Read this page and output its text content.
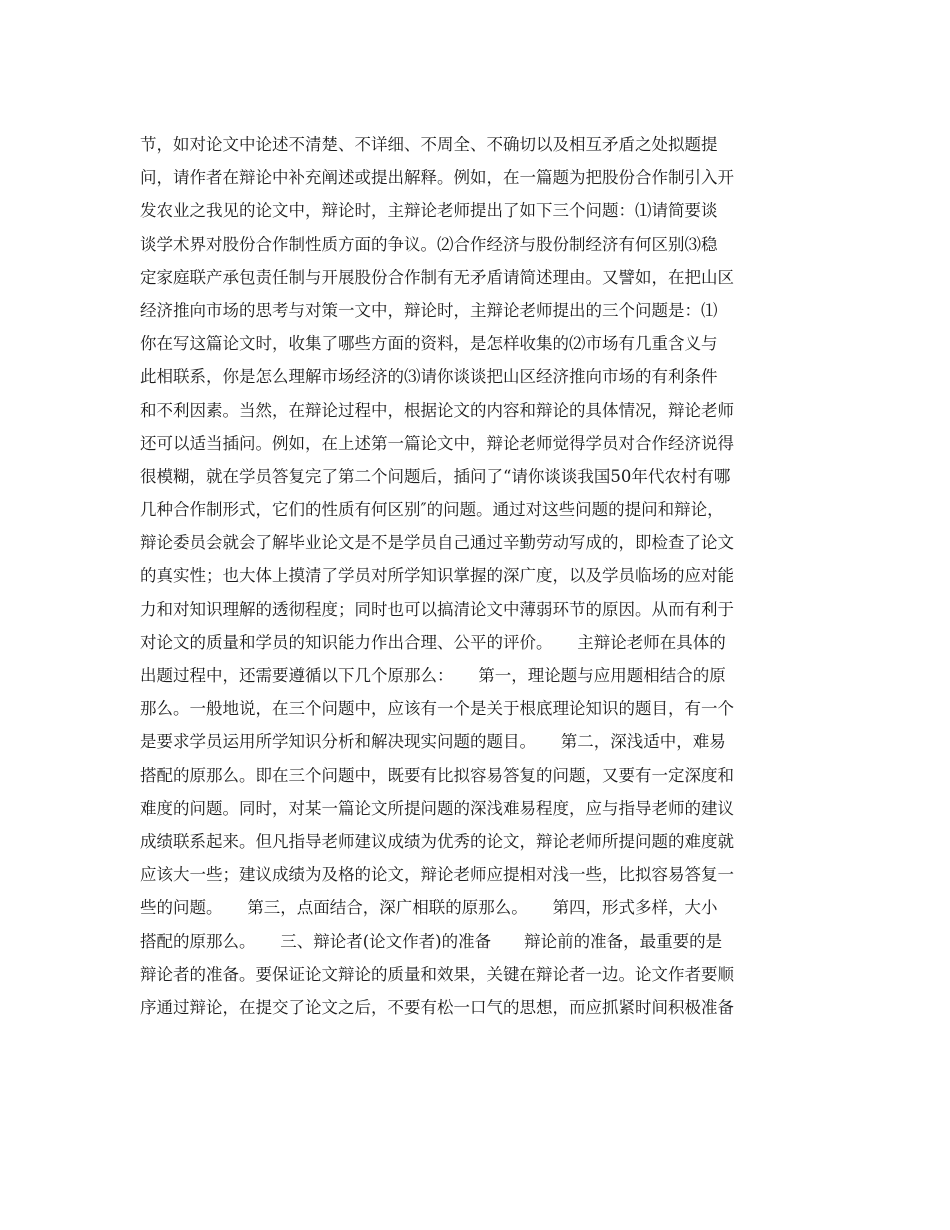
节，如对论文中论述不清楚、不详细、不周全、不确切以及相互矛盾之处拟题提
问，请作者在辩论中补充阐述或提出解释。例如，在一篇题为把股份合作制引入开
发农业之我见的论文中，辩论时，主辩论老师提出了如下三个问题：⑴请简要谈
谈学术界对股份合作制性质方面的争议。⑵合作经济与股份制经济有何区别⑶稳
定家庭联产承包责任制与开展股份合作制有无矛盾请简述理由。又譬如，在把山区
经济推向市场的思考与对策一文中，辩论时，主辩论老师提出的三个问题是：⑴
你在写这篇论文时，收集了哪些方面的资料，是怎样收集的⑵市场有几重含义与
此相联系，你是怎么理解市场经济的⑶请你谈谈把山区经济推向市场的有利条件
和不利因素。当然，在辩论过程中，根据论文的内容和辩论的具体情况，辩论老师
还可以适当插问。例如，在上述第一篇论文中，辩论老师觉得学员对合作经济说得
很模糊，就在学员答复完了第二个问题后，插问了“请你谈谈我国50年代农村有哪
几种合作制形式，它们的性质有何区别″的问题。通过对这些问题的提问和辩论，
辩论委员会就会了解毕业论文是不是学员自己通过辛勤劳动写成的，即检查了论文
的真实性；也大体上摸清了学员对所学知识掌握的深广度，以及学员临场的应对能
力和对知识理解的透彻程度；同时也可以搞清论文中薄弱环节的原因。从而有利于
对论文的质量和学员的知识能力作出合理、公平的评价。　　主辩论老师在具体的
出题过程中，还需要遵循以下几个原那么：　　第一，理论题与应用题相结合的原
那么。一般地说，在三个问题中，应该有一个是关于根底理论知识的题目，有一个
是要求学员运用所学知识分析和解决现实问题的题目。　　第二，深浅适中，难易
搭配的原那么。即在三个问题中，既要有比拟容易答复的问题，又要有一定深度和
难度的问题。同时，对某一篇论文所提问题的深浅难易程度，应与指导老师的建议
成绩联系起来。但凡指导老师建议成绩为优秀的论文，辩论老师所提问题的难度就
应该大一些；建议成绩为及格的论文，辩论老师应提相对浅一些，比拟容易答复一
些的问题。　　第三，点面结合，深广相联的原那么。　　第四，形式多样，大小
搭配的原那么。　　三、辩论者(论文作者)的准备　　辩论前的准备，最重要的是
辩论者的准备。要保证论文辩论的质量和效果，关键在辩论者一边。论文作者要顺
序通过辩论，在提交了论文之后，不要有松一口气的思想，而应抓紧时间积极准备
